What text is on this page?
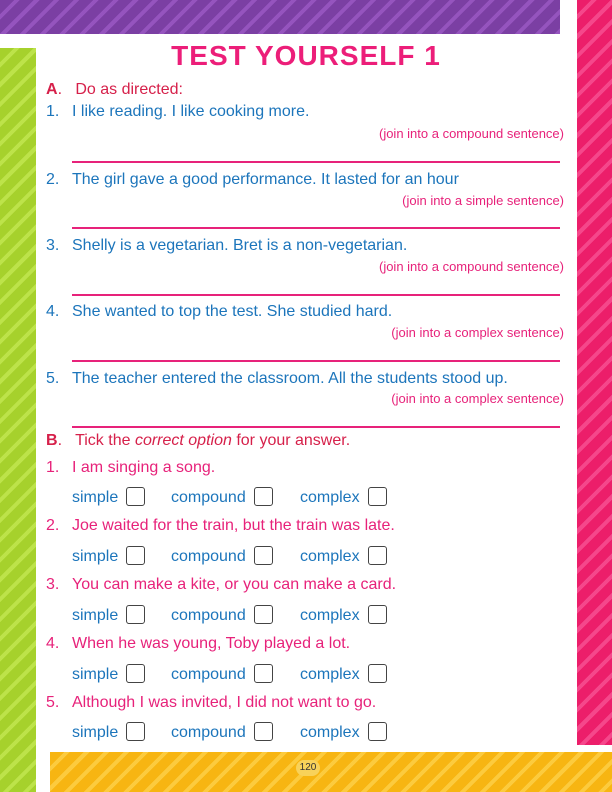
120
TEST YOURSELF 1
A.   Do as directed:
1. I like reading. I like cooking more.
(join into a compound sentence)
2. The girl gave a good performance. It lasted for an hour
(join into a simple sentence)
3. Shelly is a vegetarian. Bret is a non-vegetarian.
(join into a compound sentence)
4. She wanted to top the test. She studied hard.
(join into a complex sentence)
5. The teacher entered the classroom. All the students stood up.
(join into a complex sentence)
B.   Tick the correct option for your answer.
1. I am singing a song.
simple	compound	complex
2. Joe waited for the train, but the train was late.
simple	compound	complex
3. You can make a kite, or you can make a card.
simple	compound	complex
4. When he was young, Toby played a lot.
simple	compound	complex
5. Although I was invited, I did not want to go.
simple	compound	complex
